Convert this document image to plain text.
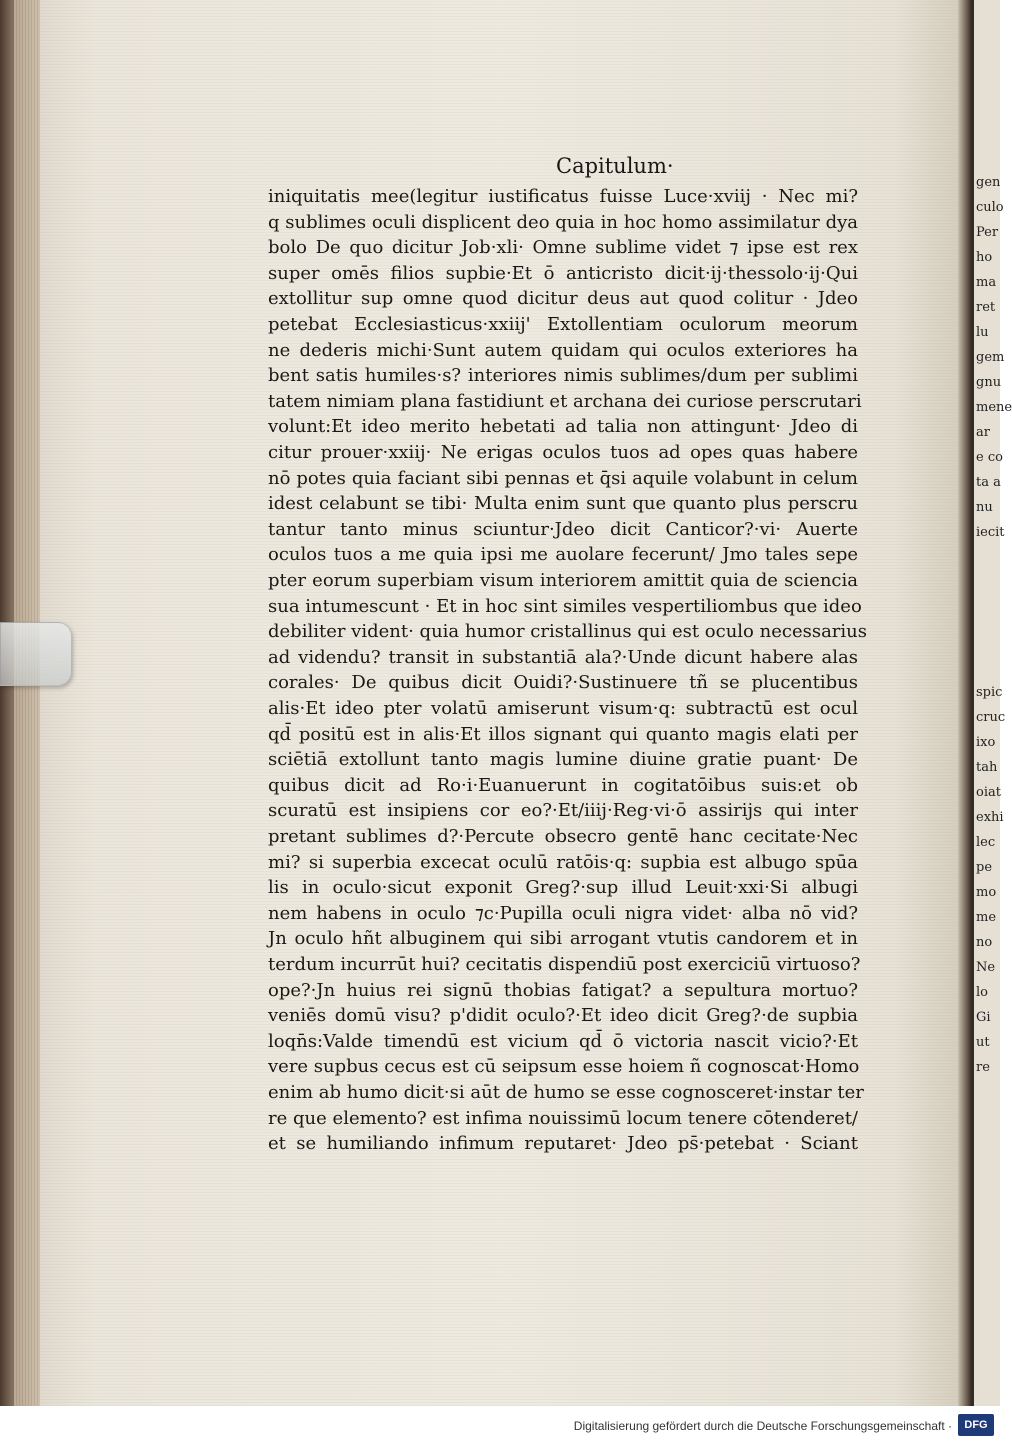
gen
culo
Per
ho
ma
ret
lu
gem
gnu
mene
ar
e co
ta a
nu
iecit
spic
cruc
ixo
tah
oiat
exhi
lec
pe
mo
me
no
Ne
lo
Gi
ut
re
Capitulum·
iniquitatis mee(legitur iustificatus fuisse Luce·xviij · Nec mi?
q sublimes oculi displicent deo quia in hoc homo assimilatur dya
bolo De quo dicitur Job·xli· Omne sublime videt ⁊ ipse est rex
super omēs filios supbie·Et ō anticristo dicit·ij·thessolo·ij·Qui
extollitur sup omne quod dicitur deus aut quod colitur · Jdeo
petebat Ecclesiasticus·xxiij' Extollentiam oculorum meorum
ne dederis michi·Sunt autem quidam qui oculos exteriores ha
bent satis humiles·s? interiores nimis sublimes/dum per sublimi
tatem nimiam plana fastidiunt et archana dei curiose perscrutari
volunt:Et ideo merito hebetati ad talia non attingunt· Jdeo di
citur prouer·xxiij· Ne erigas oculos tuos ad opes quas habere
nō potes quia faciant sibi pennas et q̄si aquile volabunt in celum
idest celabunt se tibi· Multa enim sunt que quanto plus perscru
tantur tanto minus sciuntur·Jdeo dicit Canticor?·vi· Auerte
oculos tuos a me quia ipsi me auolare fecerunt/ Jmo tales sepe
pter eorum superbiam visum interiorem amittit quia de sciencia
sua intumescunt · Et in hoc sint similes vespertiliombus que ideo
debiliter vident· quia humor cristallinus qui est oculo necessarius
ad videndu? transit in substantiā ala?·Unde dicunt habere alas
corales· De quibus dicit Ouidi?·Sustinuere tñ se plucentibus
alis·Et ideo pter volatū amiserunt visum·q: subtractū est ocul
qd̄ positū est in alis·Et illos signant qui quanto magis elati per
sciētiā extollunt tanto magis lumine diuine gratie puant· De
quibus dicit ad Ro·i·Euanuerunt in cogitatōibus suis:et ob
scuratū est insipiens cor eo?·Et/iiij·Reg·vi·ō assirijs qui inter
pretant sublimes d?·Percute obsecro gentē hanc cecitate·Nec
mi? si superbia excecat oculū ratōis·q: supbia est albugo spūa
lis in oculo·sicut exponit Greg?·sup illud Leuit·xxi·Si albugi
nem habens in oculo ⁊c·Pupilla oculi nigra videt· alba nō vid?
Jn oculo hñt albuginem qui sibi arrogant vtutis candorem et in
terdum incurrūt hui? cecitatis dispendiū post exerciciū virtuoso?
ope?·Jn huius rei signū thobias fatigat? a sepultura mortuo?
veniēs domū visu? p'didit oculo?·Et ideo dicit Greg?·de supbia
loqn̄s:Valde timendū est vicium qd̄ ō victoria nascit vicio?·Et
vere supbus cecus est cū seipsum esse hoiem ñ cognoscat·Homo
enim ab humo dicit·si aūt de humo se esse cognosceret·instar ter
re que elemento? est infima nouissimū locum tenere cōtenderet/
et se humiliando infimum reputaret· Jdeo ps̄·petebat · Sciant
Digitalisierung gefördert durch die Deutsche Forschungsgemeinschaft ·	DFG
